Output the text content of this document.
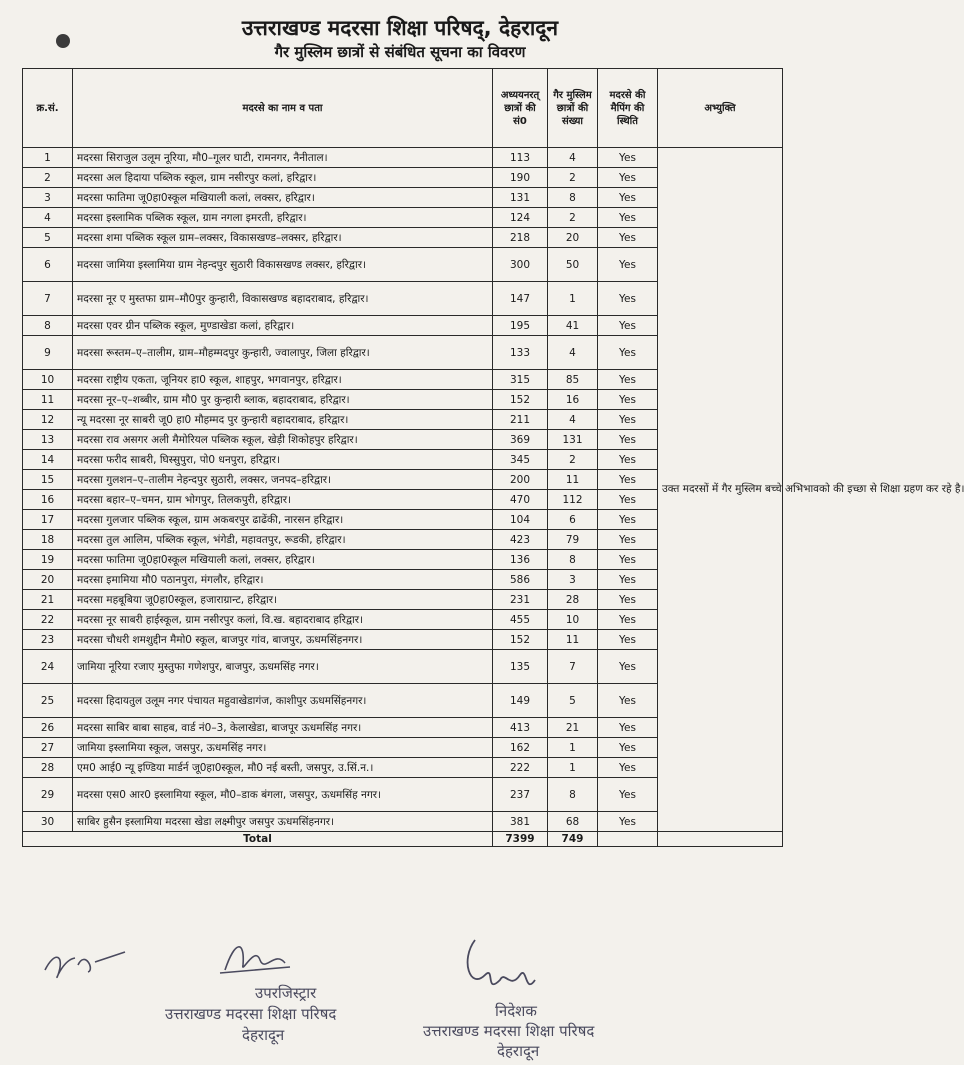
उत्तराखण्ड मदरसा शिक्षा परिषद्, देहरादून
गैर मुस्लिम छात्रों से संबंधित सूचना का विवरण
क्र.सं.	मदरसे का नाम व पता	अध्ययनरत् छात्रों की सं0	गैर मुस्लिम छात्रों की संख्या	मदरसे की मैपिंग की स्थिति	अभ्युक्ति
1	मदरसा सिराजुल उलूम नूरिया, मौ0–गूलर घाटी, रामनगर, नैनीताल।	113	4	Yes	उक्त मदरसों में गैर मुस्लिम बच्चे अभिभावको की इच्छा से शिक्षा ग्रहण कर रहे है।
2	मदरसा अल हिदाया पब्लिक स्कूल, ग्राम नसीरपुर कलां, हरिद्वार।	190	2	Yes	
3	मदरसा फातिमा जू0हा0स्कूल मखियाली कलां, लक्सर, हरिद्वार।	131	8	Yes	
4	मदरसा इस्लामिक पब्लिक स्कूल, ग्राम नगला इमरती, हरिद्वार।	124	2	Yes	
5	मदरसा शमा पब्लिक स्कूल ग्राम–लक्सर, विकासखण्ड–लक्सर, हरिद्वार।	218	20	Yes	
6	मदरसा जामिया इस्लामिया ग्राम नेहन्दपुर सुठारी विकासखण्ड लक्सर, हरिद्वार।	300	50	Yes	
7	मदरसा नूर ए मुस्तफा ग्राम–मौ0पुर कुन्हारी, विकासखण्ड बहादराबाद, हरिद्वार।	147	1	Yes	
8	मदरसा एवर ग्रीन पब्लिक स्कूल, मुण्डाखेडा कलां, हरिद्वार।	195	41	Yes	
9	मदरसा रूस्तम–ए–तालीम, ग्राम–मौहम्मदपुर कुन्हारी, ज्वालापुर, जिला हरिद्वार।	133	4	Yes	
10	मदरसा राष्ट्रीय एकता, जूनियर हा0 स्कूल, शाहपुर, भगवानपुर, हरिद्वार।	315	85	Yes	
11	मदरसा नूर–ए–शब्बीर, ग्राम मौ0 पुर कुन्हारी ब्लाक, बहादराबाद, हरिद्वार।	152	16	Yes	
12	न्यू मदरसा नूर साबरी जू0 हा0 मौहम्मद पुर कुन्हारी बहादराबाद, हरिद्वार।	211	4	Yes	
13	मदरसा राव असगर अली मैमोरियल पब्लिक स्कूल, खेड़ी शिकोहपुर हरिद्वार।	369	131	Yes	
14	मदरसा फरीद साबरी, घिस्सुपुरा, पो0 धनपुरा, हरिद्वार।	345	2	Yes	
15	मदरसा गुलशन–ए–तालीम नेहन्दपुर सुठारी, लक्सर, जनपद–हरिद्वार।	200	11	Yes	
16	मदरसा बहार–ए–चमन, ग्राम भोगपुर, तिलकपुरी, हरिद्वार।	470	112	Yes	
17	मदरसा गुलजार पब्लिक स्कूल, ग्राम अकबरपुर ढाढेंकी, नारसन हरिद्वार।	104	6	Yes	
18	मदरसा तुल आलिम, पब्लिक स्कूल, भंगेडी, महावतपुर, रूडकी, हरिद्वार।	423	79	Yes	
19	मदरसा फातिमा जू0हा0स्कूल मखियाली कलां, लक्सर, हरिद्वार।	136	8	Yes	
20	मदरसा इमामिया मौ0 पठानपुरा, मंगलौर, हरिद्वार।	586	3	Yes	
21	मदरसा महबूबिया जू0हा0स्कूल, हजाराग्रान्ट, हरिद्वार।	231	28	Yes	
22	मदरसा नूर साबरी हाईस्कूल, ग्राम नसीरपुर कलां, वि.ख. बहादराबाद हरिद्वार।	455	10	Yes	
23	मदरसा चौधरी शमशुद्दीन मैमो0 स्कूल, बाजपुर गांव, बाजपुर, ऊधमसिंहनगर।	152	11	Yes	
24	जामिया नूरिया रजाए मुस्तुफा गणेशपुर, बाजपुर, ऊधमसिंह नगर।	135	7	Yes	
25	मदरसा हिदायतुल उलूम नगर पंचायत महुवाखेडागंज, काशीपुर ऊधमसिंहनगर।	149	5	Yes	
26	मदरसा साबिर बाबा साहब, वार्ड नं0–3, केलाखेडा, बाजपूर ऊधमसिंह नगर।	413	21	Yes	
27	जामिया इस्लामिया स्कूल, जसपुर, ऊधमसिंह नगर।	162	1	Yes	
28	एम0 आई0 न्यू इण्डिया मार्डर्न जू0हा0स्कूल, मौ0 नई बस्ती, जसपुर, उ.सिं.न.।	222	1	Yes	
29	मदरसा एस0 आर0 इस्लामिया स्कूल, मौ0–डाक बंगला, जसपुर, ऊधमसिंह नगर।	237	8	Yes	
30	साबिर हुसैन इस्लामिया मदरसा खेडा लक्ष्मीपुर जसपुर ऊधमसिंहनगर।	381	68	Yes	
Total		7399	749		
उपरजिस्ट्रार
उत्तराखण्ड मदरसा शिक्षा परिषद
देहरादून
निदेशक
उत्तराखण्ड मदरसा शिक्षा परिषद
देहरादून
